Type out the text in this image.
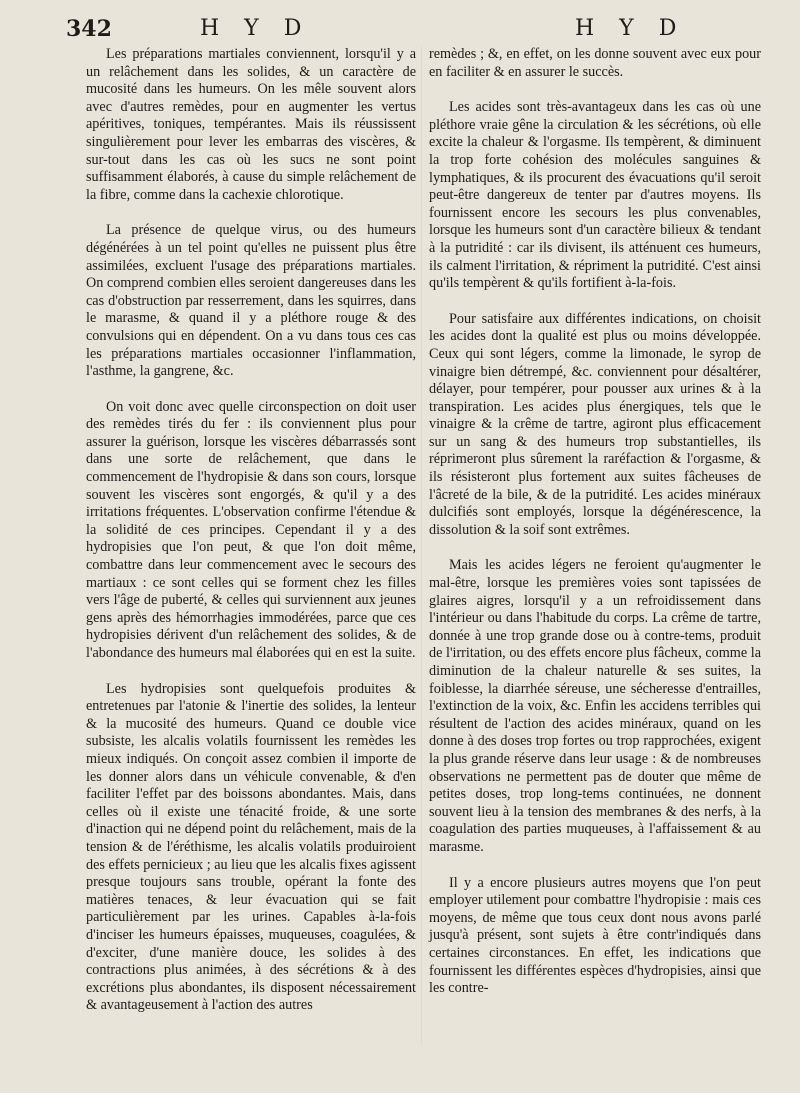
342	H Y D	H Y D

Les préparations martiales conviennent, lorsqu'il y a un relâchement dans les solides, & un caractère de mucosité dans les humeurs. On les mêle souvent alors avec d'autres remèdes, pour en augmenter les vertus apéritives, toniques, tempérantes. Mais ils réussissent singulièrement pour lever les embarras des viscères, & sur-tout dans les cas où les sucs ne sont point suffisamment élaborés, à cause du simple relâchement de la fibre, comme dans la cachexie chlorotique.

La présence de quelque virus, ou des humeurs dégénérées à un tel point qu'elles ne puissent plus être assimilées, excluent l'usage des préparations martiales. On comprend combien elles seroient dangereuses dans les cas d'obstruction par resserrement, dans les squirres, dans le marasme, & quand il y a pléthore rouge & des convulsions qui en dépendent. On a vu dans tous ces cas les préparations martiales occasionner l'inflammation, l'asthme, la gangrene, &c.

On voit donc avec quelle circonspection on doit user des remèdes tirés du fer : ils conviennent plus pour assurer la guérison, lorsque les viscères débarrassés sont dans une sorte de relâchement, que dans le commencement de l'hydropisie & dans son cours, lorsque souvent les viscères sont engorgés, & qu'il y a des irritations fréquentes. L'observation confirme l'étendue & la solidité de ces principes. Cependant il y a des hydropisies que l'on peut, & que l'on doit même, combattre dans leur commencement avec le secours des martiaux : ce sont celles qui se forment chez les filles vers l'âge de puberté, & celles qui surviennent aux jeunes gens après des hémorrhagies immodérées, parce que ces hydropisies dérivent d'un relâchement des solides, & de l'abondance des humeurs mal élaborées qui en est la suite.

Les hydropisies sont quelquefois produites & entretenues par l'atonie & l'inertie des solides, la lenteur & la mucosité des humeurs. Quand ce double vice subsiste, les alcalis volatils fournissent les remèdes les mieux indiqués. On conçoit assez combien il importe de les donner alors dans un véhicule convenable, & d'en faciliter l'effet par des boissons abondantes. Mais, dans celles où il existe une ténacité froide, & une sorte d'inaction qui ne dépend point du relâchement, mais de la tension & de l'éréthisme, les alcalis volatils produiroient des effets pernicieux ; au lieu que les alcalis fixes agissent presque toujours sans trouble, opérant la fonte des matières tenaces, & leur évacuation qui se fait particulièrement par les urines. Capables à-la-fois d'inciser les humeurs épaisses, muqueuses, coagulées, & d'exciter, d'une manière douce, les solides à des contractions plus animées, à des sécrétions & à des excrétions plus abondantes, ils disposent nécessairement & avantageusement à l'action des autres

remèdes ; &, en effet, on les donne souvent avec eux pour en faciliter & en assurer le succès.

Les acides sont très-avantageux dans les cas où une pléthore vraie gêne la circulation & les sécrétions, où elle excite la chaleur & l'orgasme. Ils tempèrent, & diminuent la trop forte cohésion des molécules sanguines & lymphatiques, & ils procurent des évacuations qu'il seroit peut-être dangereux de tenter par d'autres moyens. Ils fournissent encore les secours les plus convenables, lorsque les humeurs sont d'un caractère bilieux & tendant à la putridité : car ils divisent, ils atténuent ces humeurs, ils calment l'irritation, & répriment la putridité. C'est ainsi qu'ils tempèrent & qu'ils fortifient à-la-fois.

Pour satisfaire aux différentes indications, on choisit les acides dont la qualité est plus ou moins développée. Ceux qui sont légers, comme la limonade, le syrop de vinaigre bien détrempé, &c. conviennent pour désaltérer, délayer, pour tempérer, pour pousser aux urines & à la transpiration. Les acides plus énergiques, tels que le vinaigre & la crême de tartre, agiront plus efficacement sur un sang & des humeurs trop substantielles, ils réprimeront plus sûrement la raréfaction & l'orgasme, & ils résisteront plus fortement aux suites fâcheuses de l'âcreté de la bile, & de la putridité. Les acides minéraux dulcifiés sont employés, lorsque la dégénérescence, la dissolution & la soif sont extrêmes.

Mais les acides légers ne feroient qu'augmenter le mal-être, lorsque les premières voies sont tapissées de glaires aigres, lorsqu'il y a un refroidissement dans l'intérieur ou dans l'habitude du corps. La crême de tartre, donnée à une trop grande dose ou à contre-tems, produit de l'irritation, ou des effets encore plus fâcheux, comme la diminution de la chaleur naturelle & ses suites, la foiblesse, la diarrhée séreuse, une sécheresse d'entrailles, l'extinction de la voix, &c. Enfin les accidens terribles qui résultent de l'action des acides minéraux, quand on les donne à des doses trop fortes ou trop rapprochées, exigent la plus grande réserve dans leur usage : & de nombreuses observations ne permettent pas de douter que même de petites doses, trop long-tems continuées, ne donnent souvent lieu à la tension des membranes & des nerfs, à la coagulation des parties muqueuses, à l'affaissement & au marasme.

Il y a encore plusieurs autres moyens que l'on peut employer utilement pour combattre l'hydropisie : mais ces moyens, de même que tous ceux dont nous avons parlé jusqu'à présent, sont sujets à être contr'indiqués dans certaines circonstances. En effet, les indications que fournissent les différentes espèces d'hydropisies, ainsi que les contre-
